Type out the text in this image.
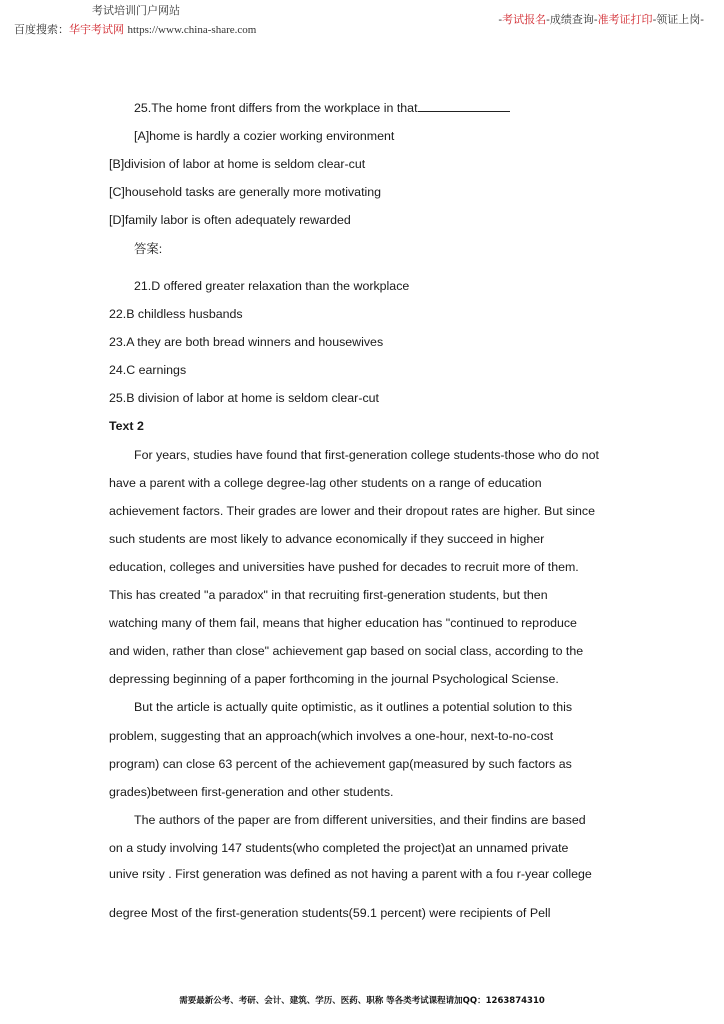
考试培训门户网站
百度搜索：华宇考试网 https://www.china-share.com
-考试报名-成绩查询-准考证打印-领证上岗-
25.The home front differs from the workplace in that
[A]home is hardly a cozier working environment
[B]division of labor at home is seldom clear-cut
[C]household tasks are generally more motivating
[D]family labor is often adequately rewarded
答案:
21.D offered greater relaxation than the workplace
22.B childless husbands
23.A they are both bread winners and housewives
24.C earnings
25.B division of labor at home is seldom clear-cut
Text 2
For years, studies have found that first-generation college students-those who do not
have a parent with a college degree-lag other students on a range of education
achievement factors. Their grades are lower and their dropout rates are higher. But since
such students are most likely to advance economically if they succeed in higher
education, colleges and universities have pushed for decades to recruit more of them.
This has created "a paradox" in that recruiting first-generation students, but then
watching many of them fail, means that higher education has "continued to reproduce
and widen, rather than close" achievement gap based on social class, according to the
depressing beginning of a paper forthcoming in the journal Psychological Sciense.
But the article is actually quite optimistic, as it outlines a potential solution to this
problem, suggesting that an approach(which involves a one-hour, next-to-no-cost
program) can close 63 percent of the achievement gap(measured by such factors as
grades)between first-generation and other students.
The authors of the paper are from different universities, and their findins are based
on a study involving 147 students(who completed the project)at an unnamed private
unive rsity . First generation was defined as not having a parent with a fou r-year college
degree Most of the first-generation students(59.1 percent) were recipients of Pell
需要最新公考、考研、会计、建筑、学历、医药、职称 等各类考试课程请加QQ：1263874310
